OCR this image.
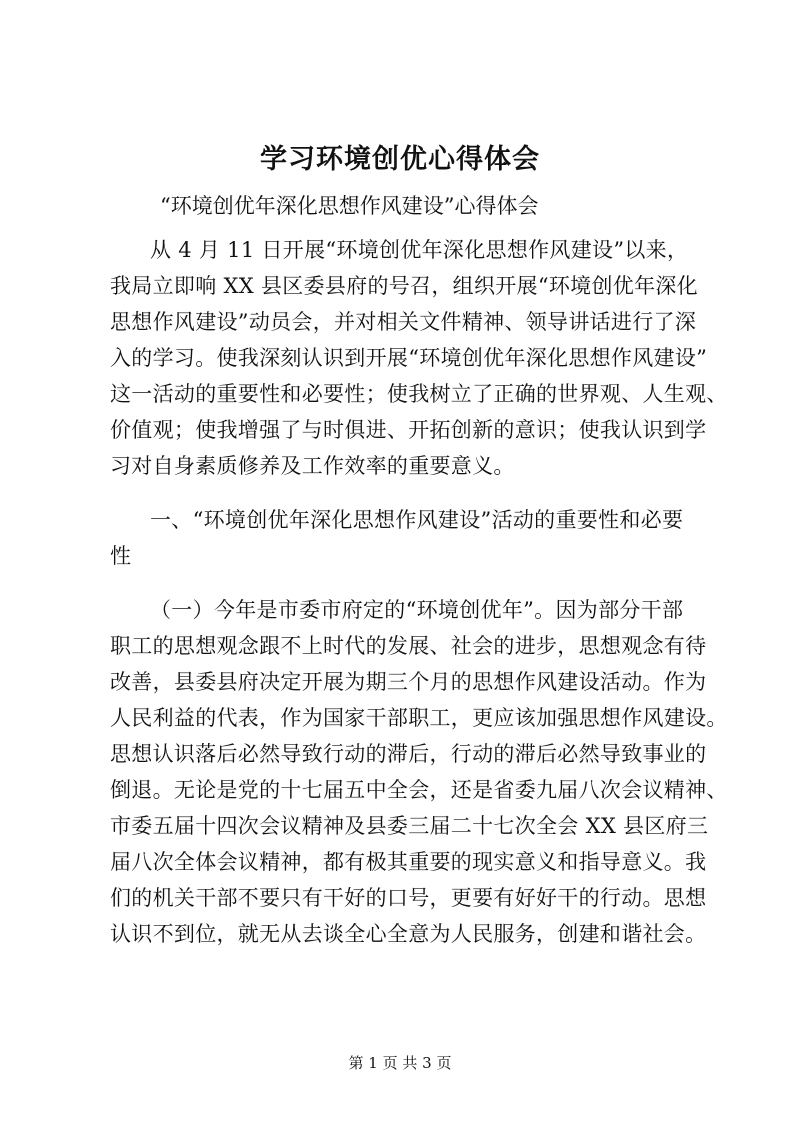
学习环境创优心得体会
“环境创优年深化思想作风建设”心得体会
从 4 月 11 日开展“环境创优年深化思想作风建设”以来，
我局立即响 XX 县区委县府的号召，组织开展“环境创优年深化
思想作风建设”动员会，并对相关文件精神、领导讲话进行了深
入的学习。使我深刻认识到开展“环境创优年深化思想作风建设”
这一活动的重要性和必要性；使我树立了正确的世界观、人生观、
价值观；使我增强了与时俱进、开拓创新的意识；使我认识到学
习对自身素质修养及工作效率的重要意义。
一、“环境创优年深化思想作风建设”活动的重要性和必要
性
（一）今年是市委市府定的“环境创优年”。因为部分干部
职工的思想观念跟不上时代的发展、社会的进步，思想观念有待
改善，县委县府决定开展为期三个月的思想作风建设活动。作为
人民利益的代表，作为国家干部职工，更应该加强思想作风建设。
思想认识落后必然导致行动的滞后，行动的滞后必然导致事业的
倒退。无论是党的十七届五中全会，还是省委九届八次会议精神、
市委五届十四次会议精神及县委三届二十七次全会 XX 县区府三
届八次全体会议精神，都有极其重要的现实意义和指导意义。我
们的机关干部不要只有干好的口号，更要有好好干的行动。思想
认识不到位，就无从去谈全心全意为人民服务，创建和谐社会。
第 1 页 共 3 页
